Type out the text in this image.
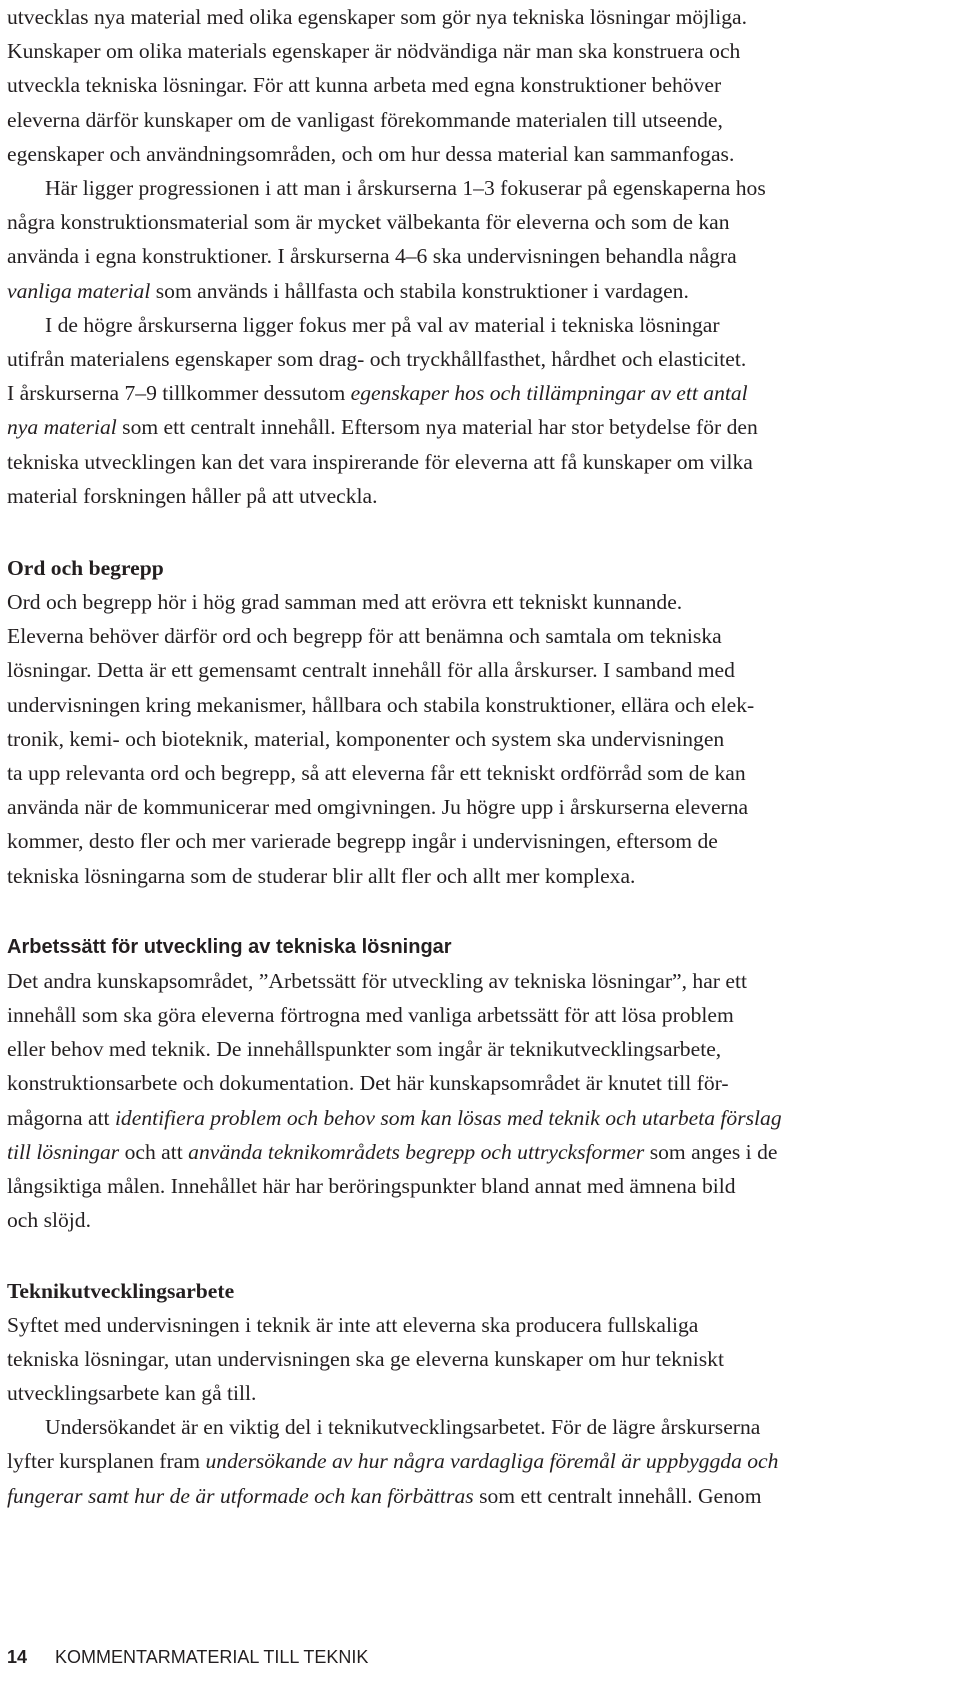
utvecklas nya material med olika egenskaper som gör nya tekniska lösningar möjliga.
Kunskaper om olika materials egenskaper är nödvändiga när man ska konstruera och
utveckla tekniska lösningar. För att kunna arbeta med egna konstruktioner behöver
eleverna därför kunskaper om de vanligast förekommande materialen till utseende,
egenskaper och användningsområden, och om hur dessa material kan sammanfogas.

Här ligger progressionen i att man i årskurserna 1–3 fokuserar på egenskaperna hos
några konstruktionsmaterial som är mycket välbekanta för eleverna och som de kan
använda i egna konstruktioner. I årskurserna 4–6 ska undervisningen behandla några
vanliga material som används i hållfasta och stabila konstruktioner i vardagen.

I de högre årskurserna ligger fokus mer på val av material i tekniska lösningar
utifrån materialens egenskaper som drag- och tryckhållfasthet, hårdhet och elasticitet.
I årskurserna 7–9 tillkommer dessutom egenskaper hos och tillämpningar av ett antal
nya material som ett centralt innehåll. Eftersom nya material har stor betydelse för den
tekniska utvecklingen kan det vara inspirerande för eleverna att få kunskaper om vilka
material forskningen håller på att utveckla.

Ord och begrepp

Ord och begrepp hör i hög grad samman med att erövra ett tekniskt kunnande.
Eleverna behöver därför ord och begrepp för att benämna och samtala om tekniska
lösningar. Detta är ett gemensamt centralt innehåll för alla årskurser. I samband med
undervisningen kring mekanismer, hållbara och stabila konstruktioner, ellära och elek-
tronik, kemi- och bioteknik, material, komponenter och system ska undervisningen
ta upp relevanta ord och begrepp, så att eleverna får ett tekniskt ordförråd som de kan
använda när de kommunicerar med omgivningen. Ju högre upp i årskurserna eleverna
kommer, desto fler och mer varierade begrepp ingår i undervisningen, eftersom de
tekniska lösningarna som de studerar blir allt fler och allt mer komplexa.

Arbetssätt för utveckling av tekniska lösningar

Det andra kunskapsområdet, ”Arbetssätt för utveckling av tekniska lösningar”, har ett
innehåll som ska göra eleverna förtrogna med vanliga arbetssätt för att lösa problem
eller behov med teknik. De innehållspunkter som ingår är teknikutvecklingsarbete,
konstruktionsarbete och dokumentation. Det här kunskapsområdet är knutet till för-
mågorna att identifiera problem och behov som kan lösas med teknik och utarbeta förslag
till lösningar och att använda teknikområdets begrepp och uttrycksformer som anges i de
långsiktiga målen. Innehållet här har beröringspunkter bland annat med ämnena bild
och slöjd.

Teknikutvecklingsarbete

Syftet med undervisningen i teknik är inte att eleverna ska producera fullskaliga
tekniska lösningar, utan undervisningen ska ge eleverna kunskaper om hur tekniskt
utvecklingsarbete kan gå till.

Undersökandet är en viktig del i teknikutvecklingsarbetet. För de lägre årskurserna
lyfter kursplanen fram undersökande av hur några vardagliga föremål är uppbyggda och
fungerar samt hur de är utformade och kan förbättras som ett centralt innehåll. Genom

14 KOMMENTARMATERIAL TILL TEKNIK
